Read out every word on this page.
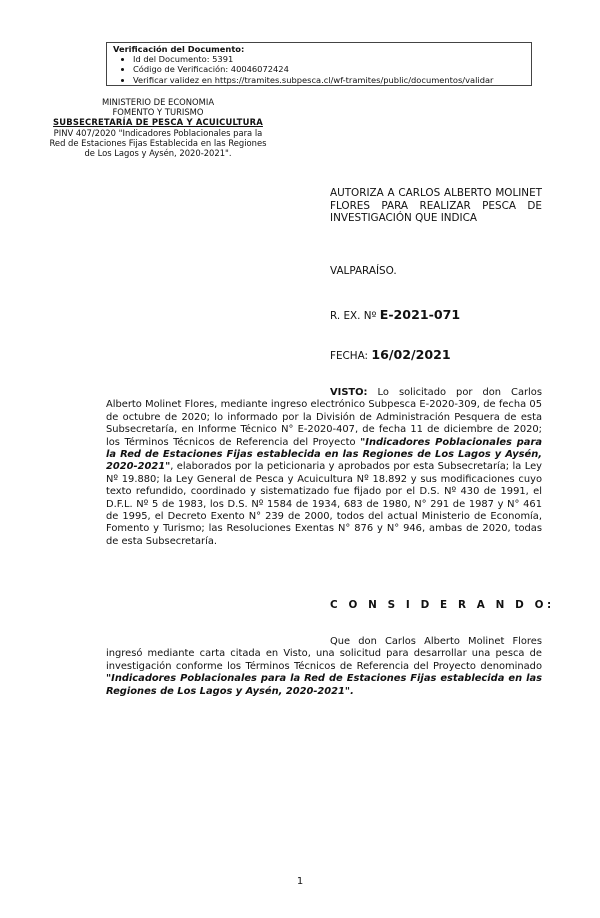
Verificación del Documento:
• Id del Documento: 5391
• Código de Verificación: 40046072424
• Verificar validez en https://tramites.subpesca.cl/wf-tramites/public/documentos/validar
MINISTERIO DE ECONOMIA
FOMENTO Y TURISMO
SUBSECRETARÍA DE PESCA Y ACUICULTURA
PINV 407/2020 "Indicadores Poblacionales para la
Red de Estaciones Fijas Establecida en las Regiones
de Los Lagos y Aysén, 2020-2021".
AUTORIZA A CARLOS ALBERTO MOLINET FLORES PARA REALIZAR PESCA DE INVESTIGACIÓN QUE INDICA
VALPARAÍSO.
R. EX. Nº E-2021-071
FECHA: 16/02/2021
VISTO: Lo solicitado por don Carlos Alberto Molinet Flores, mediante ingreso electrónico Subpesca E-2020-309, de fecha 05 de octubre de 2020; lo informado por la División de Administración Pesquera de esta Subsecretaría, en Informe Técnico N° E-2020-407, de fecha 11 de diciembre de 2020; los Términos Técnicos de Referencia del Proyecto "Indicadores Poblacionales para la Red de Estaciones Fijas establecida en las Regiones de Los Lagos y Aysén, 2020-2021", elaborados por la peticionaria y aprobados por esta Subsecretaría; la Ley Nº 19.880; la Ley General de Pesca y Acuicultura Nº 18.892 y sus modificaciones cuyo texto refundido, coordinado y sistematizado fue fijado por el D.S. Nº 430 de 1991, el D.F.L. Nº 5 de 1983, los D.S. Nº 1584 de 1934, 683 de 1980, N° 291 de 1987 y N° 461 de 1995, el Decreto Exento N° 239 de 2000, todos del actual Ministerio de Economía, Fomento y Turismo; las Resoluciones Exentas N° 876 y N° 946, ambas de 2020, todas de esta Subsecretaría.
C O N S I D E R A N D O:
Que don Carlos Alberto Molinet Flores ingresó mediante carta citada en Visto, una solicitud para desarrollar una pesca de investigación conforme los Términos Técnicos de Referencia del Proyecto denominado "Indicadores Poblacionales para la Red de Estaciones Fijas establecida en las Regiones de Los Lagos y Aysén, 2020-2021".
1
